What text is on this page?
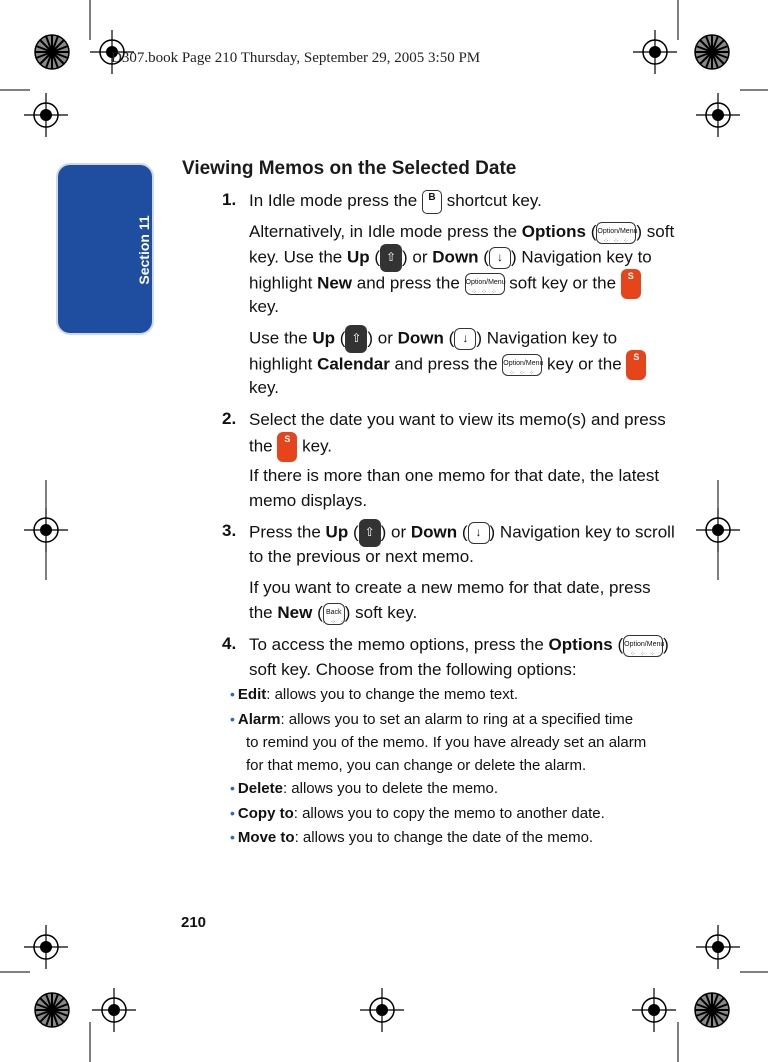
D307.book Page 210 Thursday, September 29, 2005 3:50 PM
Section 11
Viewing Memos on the Selected Date
1. In Idle mode press the B shortcut key.
Alternatively, in Idle mode press the Options (Option/Menu
⁘ ⁘ ⁘
) soft
key. Use the Up ( ⇧ ) or Down ( ↓ ) Navigation key to
highlight New and press the Option/Menu
⁘ ⁘ ⁘
soft key or the S
key.
Use the Up ( ⇧ ) or Down ( ↓ ) Navigation key to
highlight Calendar and press the Option/Menu
⁘ ⁘ ⁘
key or the S
key.
2. Select the date you want to view its memo(s) and press
the S key.
If there is more than one memo for that date, the latest
memo displays.
3. Press the Up ( ⇧ ) or Down ( ↓ ) Navigation key to scroll
to the previous or next memo.
If you want to create a new memo for that date, press
the New ( Back
⁘ ⁘ ⁘
) soft key.
4. To access the memo options, press the Options (Option/Menu
⁘ ⁘ ⁘
)
soft key. Choose from the following options:
• Edit: allows you to change the memo text.
• Alarm: allows you to set an alarm to ring at a specified time
to remind you of the memo. If you have already set an alarm
for that memo, you can change or delete the alarm.
• Delete: allows you to delete the memo.
• Copy to: allows you to copy the memo to another date.
• Move to: allows you to change the date of the memo.
210
